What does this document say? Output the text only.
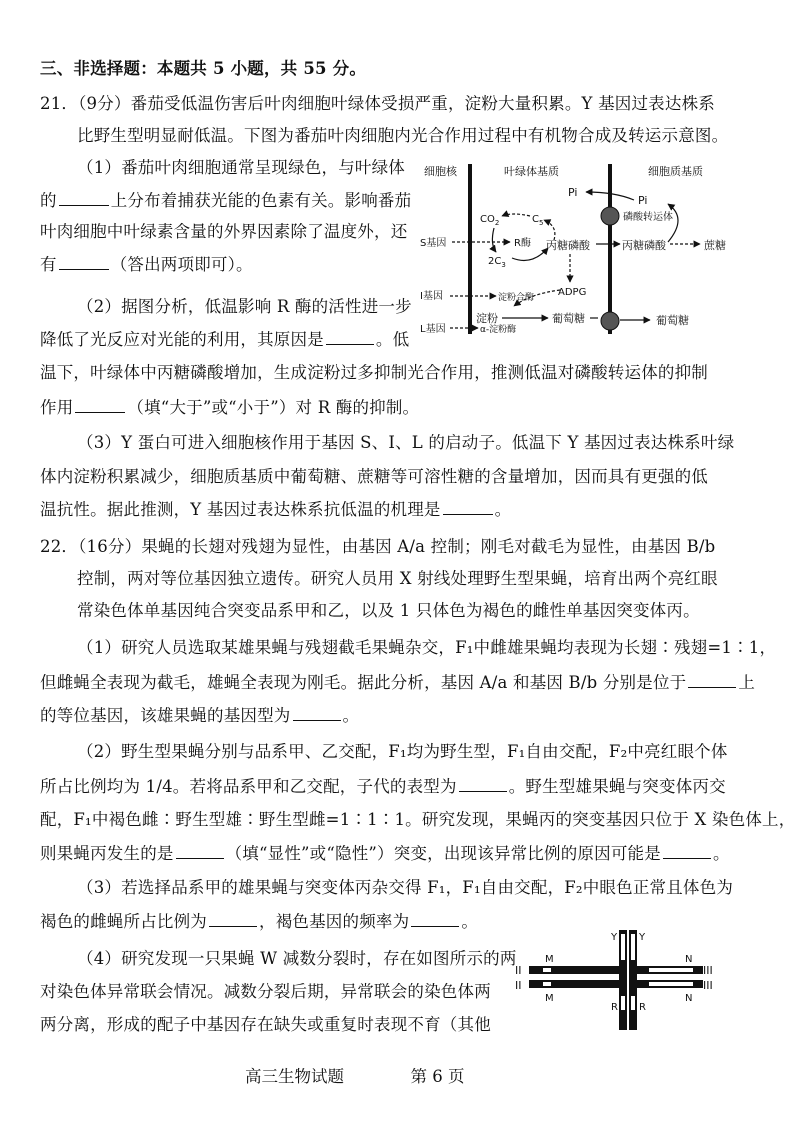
三、非选择题：本题共 5 小题，共 55 分。
21．（9分）番茄受低温伤害后叶肉细胞叶绿体受损严重，淀粉大量积累。Y 基因过表达株系
比野生型明显耐低温。下图为番茄叶肉细胞内光合作用过程中有机物合成及转运示意图。
（1）番茄叶肉细胞通常呈现绿色，与叶绿体
的	上分布着捕获光能的色素有关。影响番茄
叶肉细胞中叶绿素含量的外界因素除了温度外，还
有	（答出两项即可）。
（2）据图分析，低温影响 R 酶的活性进一步
降低了光反应对光能的利用，其原因是	。低
温下，叶绿体中丙糖磷酸增加，生成淀粉过多抑制光合作用，推测低温对磷酸转运体的抑制
作用	（填“大于”或“小于”）对 R 酶的抑制。
（3）Y 蛋白可进入细胞核作用于基因 S、I、L 的启动子。低温下 Y 基因过表达株系叶绿
体内淀粉积累减少，细胞质基质中葡萄糖、蔗糖等可溶性糖的含量增加，因而具有更强的低
温抗性。据此推测，Y 基因过表达株系抗低温的机理是	。
细胞核	叶绿体基质	细胞质基质
Pi
Pi
磷酸转运体
$CO_2$	$C_5$
$2C_3$
R酶
S基因	丙糖磷酸	丙糖磷酸	蔗糖
ADPG
I基因	淀粉合酶
淀粉	葡萄糖	葡萄糖
L基因	α-淀粉酶
22．（16分）果蝇的长翅对残翅为显性，由基因 A/a 控制；刚毛对截毛为显性，由基因 B/b
控制，两对等位基因独立遗传。研究人员用 X 射线处理野生型果蝇，培育出两个亮红眼
常染色体单基因纯合突变品系甲和乙，以及 1 只体色为褐色的雌性单基因突变体丙。
（1）研究人员选取某雄果蝇与残翅截毛果蝇杂交，F₁中雌雄果蝇均表现为长翅∶残翅=1∶1，
但雌蝇全表现为截毛，雄蝇全表现为刚毛。据此分析，基因 A/a 和基因 B/b 分别是位于	上
的等位基因，该雄果蝇的基因型为	。
（2）野生型果蝇分别与品系甲、乙交配，F₁均为野生型，F₁自由交配，F₂中亮红眼个体
所占比例均为 1/4。若将品系甲和乙交配，子代的表型为	。野生型雄果蝇与突变体丙交
配，F₁中褐色雌∶野生型雄∶野生型雌=1∶1∶1。研究发现，果蝇丙的突变基因只位于 X 染色体上，
则果蝇丙发生的是	（填“显性”或“隐性”）突变，出现该异常比例的原因可能是	。
（3）若选择品系甲的雄果蝇与突变体丙杂交得 F₁，F₁自由交配，F₂中眼色正常且体色为
褐色的雌蝇所占比例为	，褐色基因的频率为	。
（4）研究发现一只果蝇 W 减数分裂时，存在如图所示的两
对染色体异常联会情况。减数分裂后期，异常联会的染色体两
两分离，形成的配子中基因存在缺失或重复时表现不育（其他
II
II
M
M
N
N
III
III
Y Y
R R
高三生物试题	第 6 页
